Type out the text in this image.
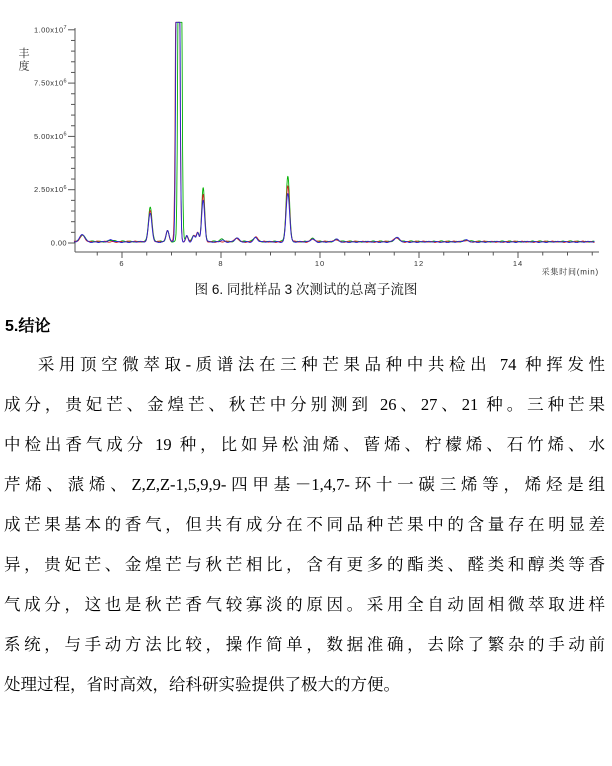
$1.00x10^7$
$7.50x10^6$
$5.00x10^6$
$2.50x10^6$
0.00
6	8	10	12	14
丰
度
采集时间(min)
图 6. 同批样品 3 次测试的总离子流图
5.结论
采用顶空微萃取-质谱法在三种芒果品种中共检出 74 种挥发性
成分，贵妃芒、金煌芒、秋芒中分别测到 26、27、21 种。三种芒果
中检出香气成分 19 种，比如异松油烯、蒈烯、柠檬烯、石竹烯、水
芹烯、蒎烯、Z,Z,Z-1,5,9,9-四甲基－1,4,7-环十一碳三烯等，烯烃是组
成芒果基本的香气，但共有成分在不同品种芒果中的含量存在明显差
异，贵妃芒、金煌芒与秋芒相比，含有更多的酯类、醛类和醇类等香
气成分，这也是秋芒香气较寡淡的原因。采用全自动固相微萃取进样
系统，与手动方法比较，操作简单，数据准确，去除了繁杂的手动前
处理过程，省时高效，给科研实验提供了极大的方便。
